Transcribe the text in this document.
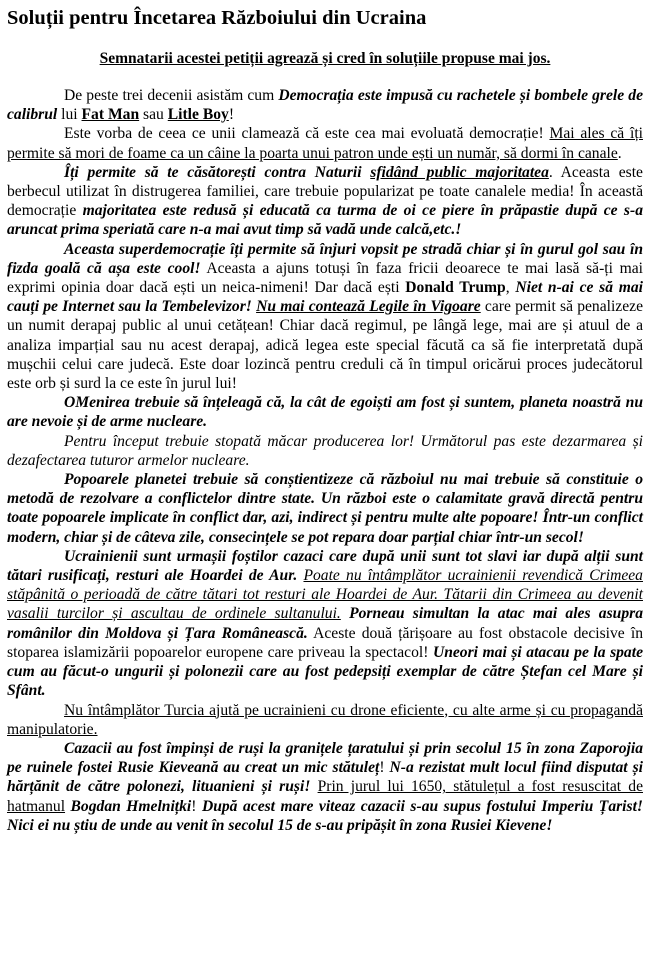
Soluții pentru Încetarea Războiului din Ucraina
Semnatarii acestei petiții agrează și cred în soluțiile propuse mai jos.

De peste trei decenii asistăm cum Democrația este impusă cu rachetele și bombele grele de calibrul lui Fat Man sau Litle Boy!

Este vorba de ceea ce unii clamează că este cea mai evoluată democrație! Mai ales că îți permite să mori de foame ca un câine la poarta unui patron unde ești un număr, să dormi în canale.

Îți permite să te căsătorești contra Naturii sfidând public majoritatea. Aceasta este berbecul utilizat în distrugerea familiei, care trebuie popularizat pe toate canalele media! În această democrație majoritatea este redusă și educată ca turma de oi ce piere în prăpastie după ce s-a aruncat prima speriată care n-a mai avut timp să vadă unde calcă,etc.!

Aceasta superdemocrație îți permite să înjuri vopsit pe stradă chiar și în gurul gol sau în fizda goală că așa este cool! Aceasta a ajuns totuși în faza fricii deoarece te mai lasă să-ți mai exprimi opinia doar dacă ești un neica-nimeni! Dar dacă ești Donald Trump, Niet n-ai ce să mai cauți pe Internet sau la Tembelevizor! Nu mai contează Legile în Vigoare care permit să penalizeze un numit derapaj public al unui cetățean! Chiar dacă regimul, pe lângă lege, mai are și atuul de a analiza imparțial sau nu acest derapaj, adică legea este special făcută ca să fie interpretată după mușchii celui care judecă. Este doar lozincă pentru creduli că în timpul oricărui proces judecătorul este orb și surd la ce este în jurul lui!

OMenirea trebuie să înțeleagă că, la cât de egoiști am fost și suntem, planeta noastră nu are nevoie și de arme nucleare.

Pentru început trebuie stopată măcar producerea lor! Următorul pas este dezarmarea și dezafectarea tuturor armelor nucleare.

Popoarele planetei trebuie să conștientizeze că războiul nu mai trebuie să constituie o metodă de rezolvare a conflictelor dintre state. Un război este o calamitate gravă directă pentru toate popoarele implicate în conflict dar, azi, indirect și pentru multe alte popoare! Într-un conflict modern, chiar și de câteva zile, consecințele se pot repara doar parțial chiar într-un secol!

Ucrainienii sunt urmașii foștilor cazaci care după unii sunt tot slavi iar după alții sunt tătari rusificați, resturi ale Hoardei de Aur. Poate nu întâmplător ucrainienii revendică Crimeea stăpânită o perioadă de către tătari tot resturi ale Hoardei de Aur. Tătarii din Crimeea au devenit vasalii turcilor și ascultau de ordinele sultanului. Porneau simultan la atac mai ales asupra românilor din Moldova și Țara Românească. Aceste două țărișoare au fost obstacole decisive în stoparea islamizării popoarelor europene care priveau la spectacol! Uneori mai și atacau pe la spate cum au făcut-o ungurii și polonezii care au fost pedepsiți exemplar de către Ștefan cel Mare și Sfânt.

Nu întâmplător Turcia ajută pe ucrainieni cu drone eficiente, cu alte arme și cu propagandă manipulatorie.

Cazacii au fost împinși de ruși la granițele țaratului și prin secolul 15 în zona Zaporojia pe ruinele fostei Rusie Kieveană au creat un mic stătuleț! N-a rezistat mult locul fiind disputat și hărțănit de către polonezi, lituanieni și ruși! Prin jurul lui 1650, stătulețul a fost resuscitat de hatmanul Bogdan Hmelnițki! După acest mare viteaz cazacii s-au supus fostului Imperiu Țarist! Nici ei nu știu de unde au venit în secolul 15 de s-au pripășit în zona Rusiei Kievene!
